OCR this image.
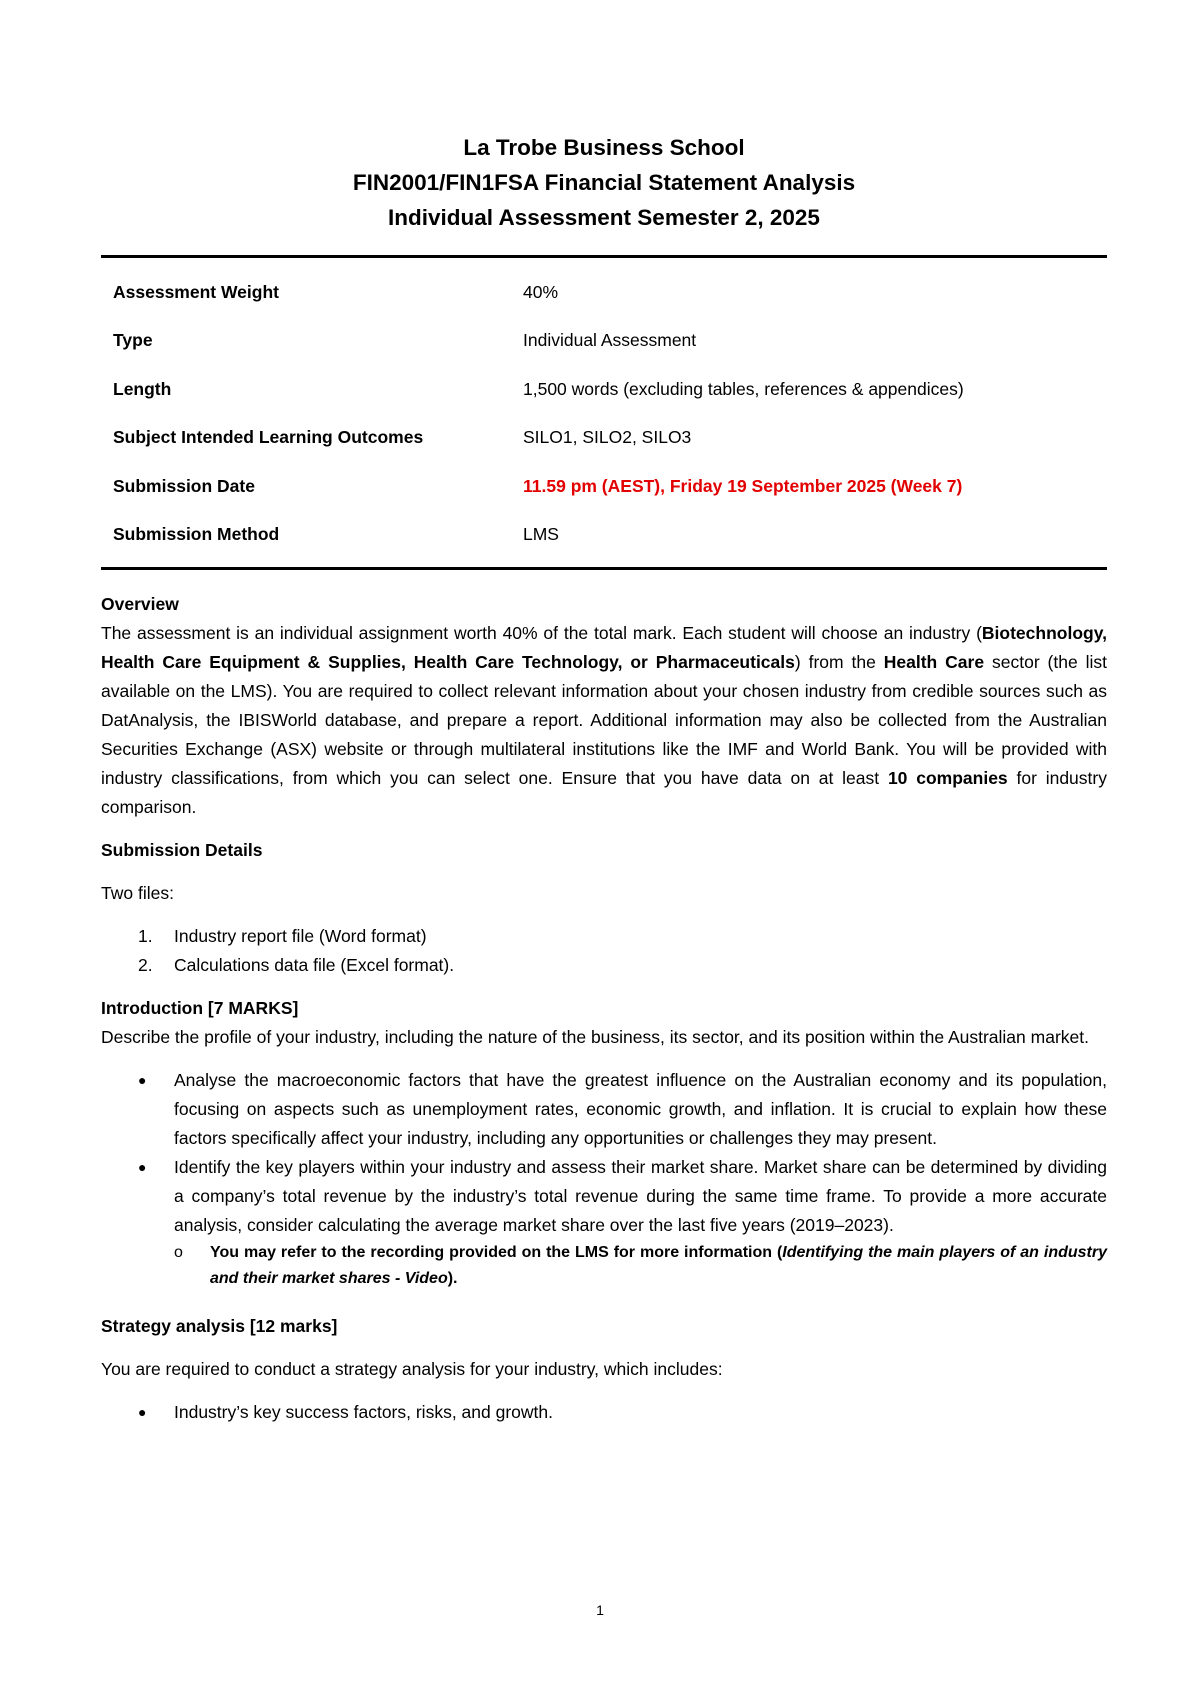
La Trobe Business School
FIN2001/FIN1FSA Financial Statement Analysis
Individual Assessment Semester 2, 2025
Assessment Weight	40%
Type	Individual Assessment
Length	1,500 words (excluding tables, references & appendices)
Subject Intended Learning Outcomes	SILO1, SILO2, SILO3
Submission Date	11.59 pm (AEST), Friday 19 September 2025 (Week 7)
Submission Method	LMS
Overview

The assessment is an individual assignment worth 40% of the total mark. Each student will choose an industry (Biotechnology, Health Care Equipment & Supplies, Health Care Technology, or Pharmaceuticals) from the Health Care sector (the list available on the LMS). You are required to collect relevant information about your chosen industry from credible sources such as DatAnalysis, the IBISWorld database, and prepare a report. Additional information may also be collected from the Australian Securities Exchange (ASX) website or through multilateral institutions like the IMF and World Bank. You will be provided with industry classifications, from which you can select one. Ensure that you have data on at least 10 companies for industry comparison.

Submission Details

Two files:

1.	Industry report file (Word format)
2.	Calculations data file (Excel format).
Introduction [7 MARKS]

Describe the profile of your industry, including the nature of the business, its sector, and its position within the Australian market.

●	Analyse the macroeconomic factors that have the greatest influence on the Australian economy and its population, focusing on aspects such as unemployment rates, economic growth, and inflation. It is crucial to explain how these factors specifically affect your industry, including any opportunities or challenges they may present.
●	Identify the key players within your industry and assess their market share. Market share can be determined by dividing a company’s total revenue by the industry’s total revenue during the same time frame. To provide a more accurate analysis, consider calculating the average market share over the last five years (2019–2023).
o	You may refer to the recording provided on the LMS for more information (Identifying the main players of an industry and their market shares - Video).
Strategy analysis [12 marks]

You are required to conduct a strategy analysis for your industry, which includes:

●	Industry’s key success factors, risks, and growth.
1
